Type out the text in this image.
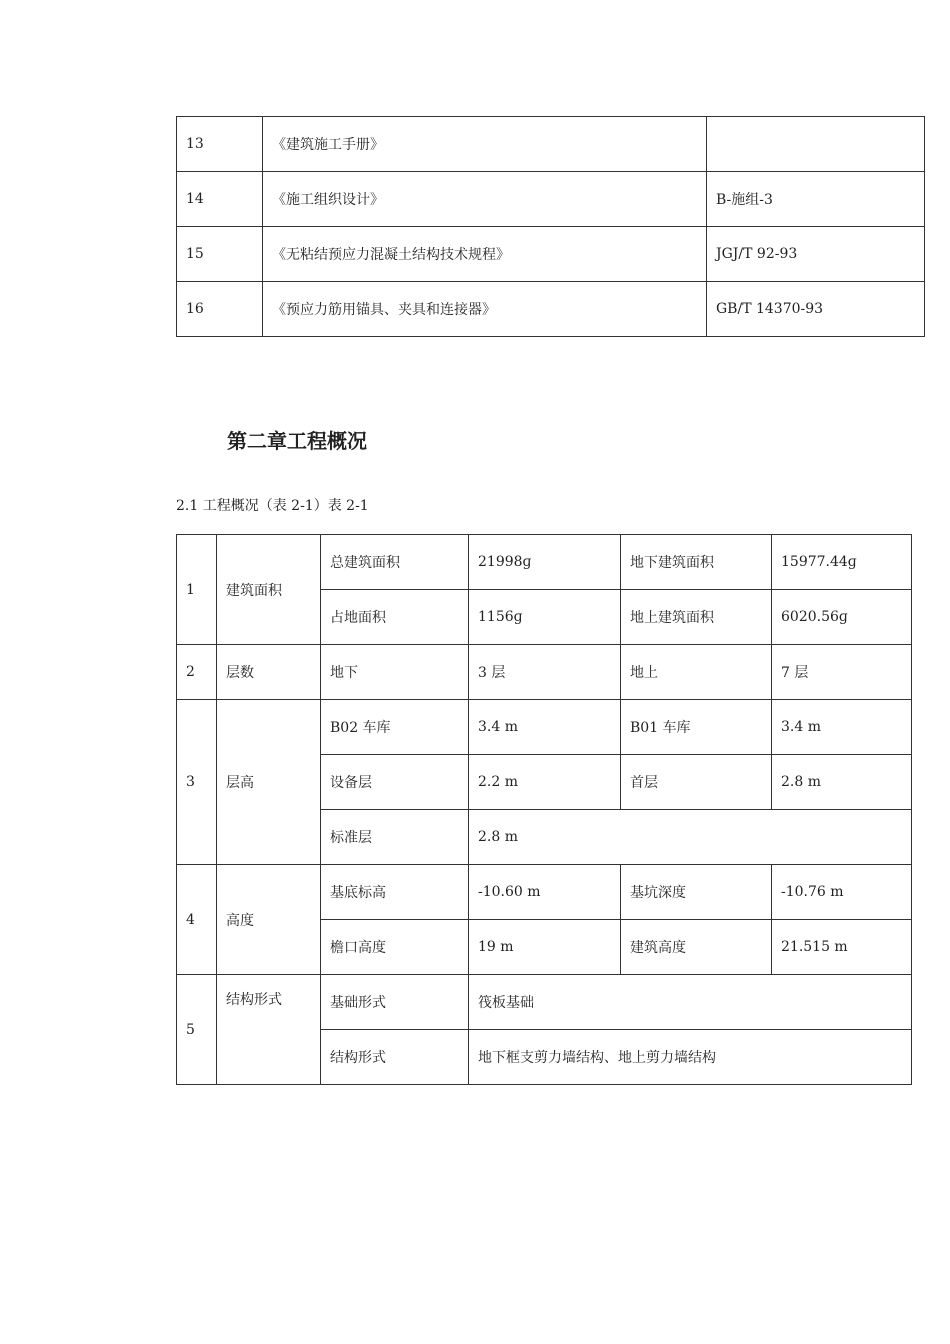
13	《建筑施工手册》	
14	《施工组织设计》	B-施组-3
15	《无粘结预应力混凝土结构技术规程》	JGJ/T 92-93
16	《预应力筋用锚具、夹具和连接器》	GB/T 14370-93
第二章工程概况

2.1 工程概况（表 2-1）表 2-1

1	建筑面积	总建筑面积	21998ɡ	地下建筑面积	15977.44ɡ
		占地面积	1156ɡ	地上建筑面积	6020.56ɡ
2	层数	地下	3 层	地上	7 层
3	层高	B02 车库	3.4 m	B01 车库	3.4 m
		设备层	2.2 m	首层	2.8 m
		标准层	2.8 m		
4	高度	基底标高	-10.60 m	基坑深度	-10.76 m
		檐口高度	19 m	建筑高度	21.515 m
5	结构形式	基础形式	筏板基础		
		结构形式	地下框支剪力墙结构、地上剪力墙结构		
